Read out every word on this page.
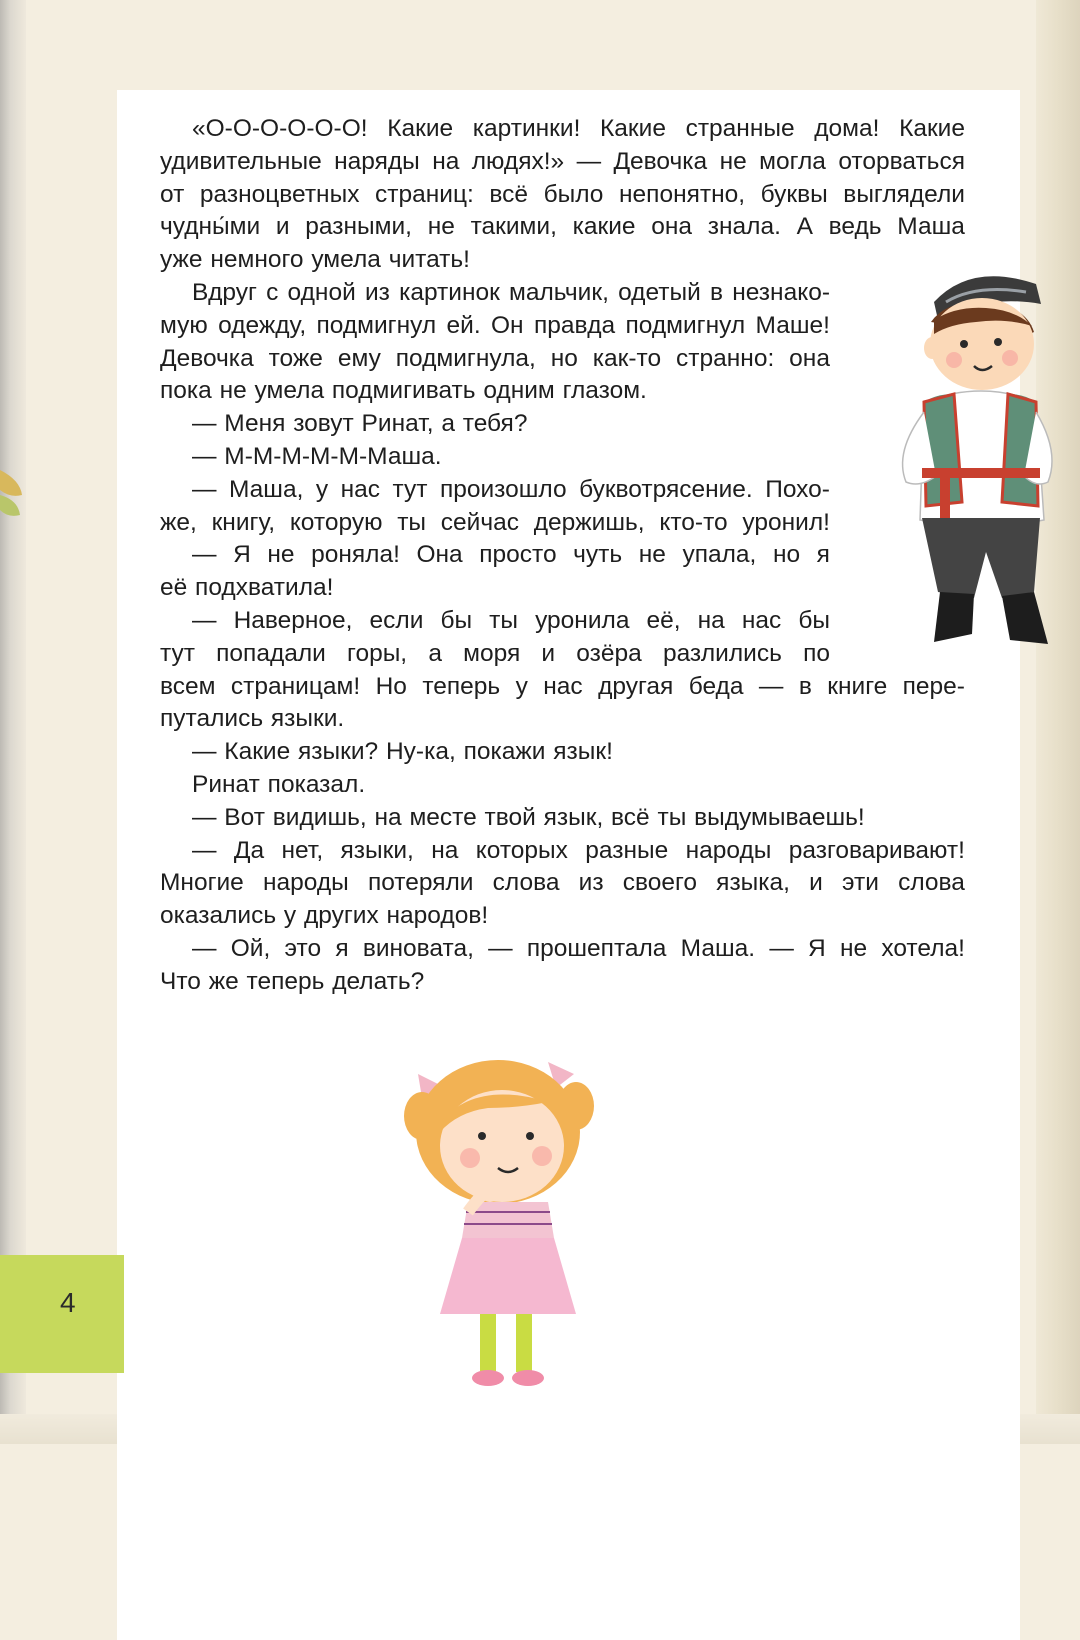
«О-О-О-О-О-О! Какие картинки! Какие странные дома! Какие
удивительные наряды на людях!» — Девочка не могла оторваться
от разноцветных страниц: всё было непонятно, буквы выглядели
чудны́ми и разными, не такими, какие она знала. А ведь Маша
уже немного умела читать!
Вдруг с одной из картинок мальчик, одетый в незнако-
мую одежду, подмигнул ей. Он правда подмигнул Маше!
Девочка тоже ему подмигнула, но как-то странно: она
пока не умела подмигивать одним глазом.
— Меня зовут Ринат, а тебя?
— М-М-М-М-М-Маша.
— Маша, у нас тут произошло буквотрясение. Похо-
же, книгу, которую ты сейчас держишь, кто-то уронил!
— Я не роняла! Она просто чуть не упала, но я
её подхватила!
— Наверное, если бы ты уронила её, на нас бы
тут попадали горы, а моря и озёра разлились по
всем страницам! Но теперь у нас другая беда — в книге пере-
путались языки.
— Какие языки? Ну-ка, покажи язык!
Ринат показал.
— Вот видишь, на месте твой язык, всё ты выдумываешь!
— Да нет, языки, на которых разные народы разговаривают!
Многие народы потеряли слова из своего языка, и эти слова
оказались у других народов!
— Ой, это я виновата, — прошептала Маша. — Я не хотела!
Что же теперь делать?
4
